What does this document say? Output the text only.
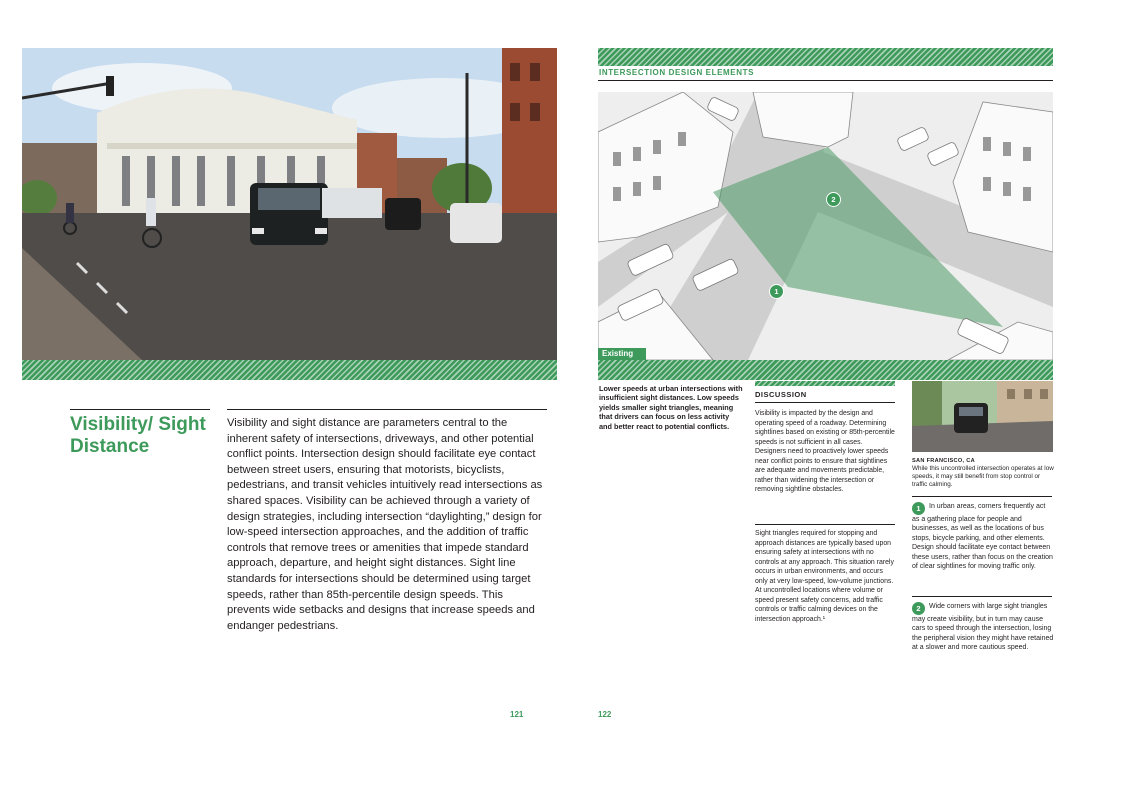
INTERSECTION DESIGN ELEMENTS
2
1
Existing
Visibility/ Sight Distance
Visibility and sight distance are parameters central to the inherent safety of intersections, driveways, and other potential conflict points. Intersection design should facilitate eye contact between street users, ensuring that motorists, bicyclists, pedestrians, and transit vehicles intuitively read intersections as shared spaces. Visibility can be achieved through a variety of design strategies, including intersection “daylighting,” design for low-speed intersection approaches, and the addition of traffic controls that remove trees or amenities that impede standard approach, departure, and height sight distances. Sight line standards for intersections should be determined using target speeds, rather than 85th-percentile design speeds. This prevents wide setbacks and designs that increase speeds and endanger pedestrians.
121
Lower speeds at urban intersections with insufficient sight distances. Low speeds yields smaller sight triangles, meaning that drivers can focus on less activity and better react to potential conflicts.
DISCUSSION
Visibility is impacted by the design and operating speed of a roadway. Determining sightlines based on existing or 85th-percentile speeds is not sufficient in all cases. Designers need to proactively lower speeds near conflict points to ensure that sightlines are adequate and movements predictable, rather than widening the intersection or removing sightline obstacles.
Sight triangles required for stopping and approach distances are typically based upon ensuring safety at intersections with no controls at any approach. This situation rarely occurs in urban environments, and occurs only at very low-speed, low-volume junctions. At uncontrolled locations where volume or speed present safety concerns, add traffic controls or traffic calming devices on the intersection approach.¹
SAN FRANCISCO, CA
While this uncontrolled intersection operates at low speeds, it may still benefit from stop control or traffic calming.
1 In urban areas, corners frequently act as a gathering place for people and businesses, as well as the locations of bus stops, bicycle parking, and other elements. Design should facilitate eye contact between these users, rather than focus on the creation of clear sightlines for moving traffic only.
2 Wide corners with large sight triangles may create visibility, but in turn may cause cars to speed through the intersection, losing the peripheral vision they might have retained at a slower and more cautious speed.
122
